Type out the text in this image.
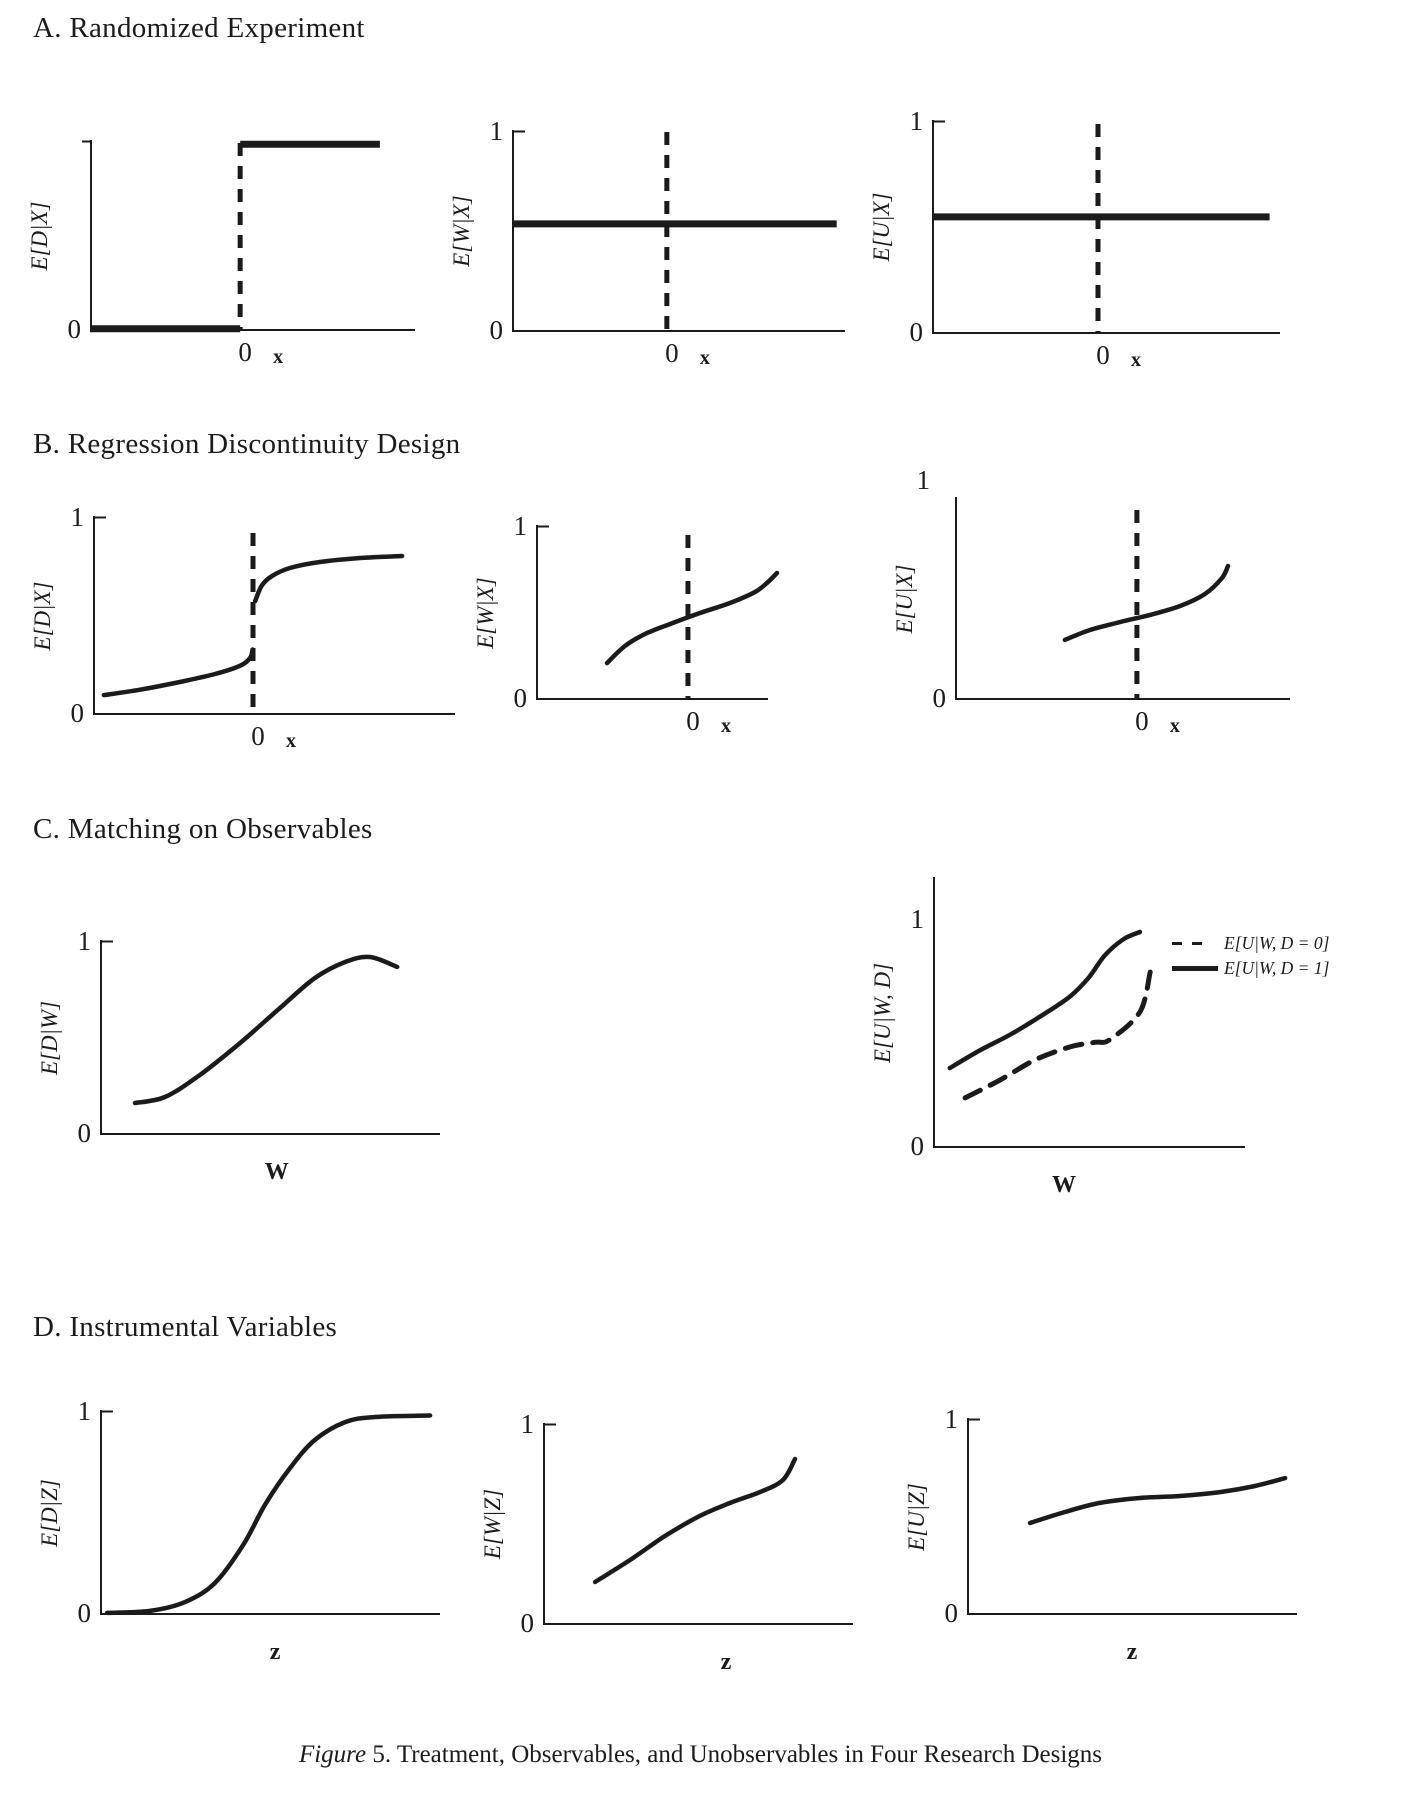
A. Randomized Experiment
B. Regression Discontinuity Design
C. Matching on Observables
D. Instrumental Variables
E[D|X]
0
0 x
E[W|X]
1
0
0 x
E[U|X]
1
0
0 x
E[D|X]
1
0
0 x
E[W|X]
1
0
0 x
E[U|X]
1
0
0 x
E[D|W]
1
0
W
E[U|W, D]
1
0
W
E[D|Z]
1
0
z
E[W|Z]
1
0
z
E[U|Z]
1
0
z
E[U|W, D = 0]
E[U|W, D = 1]
Figure 5. Treatment, Observables, and Unobservables in Four Research Designs
